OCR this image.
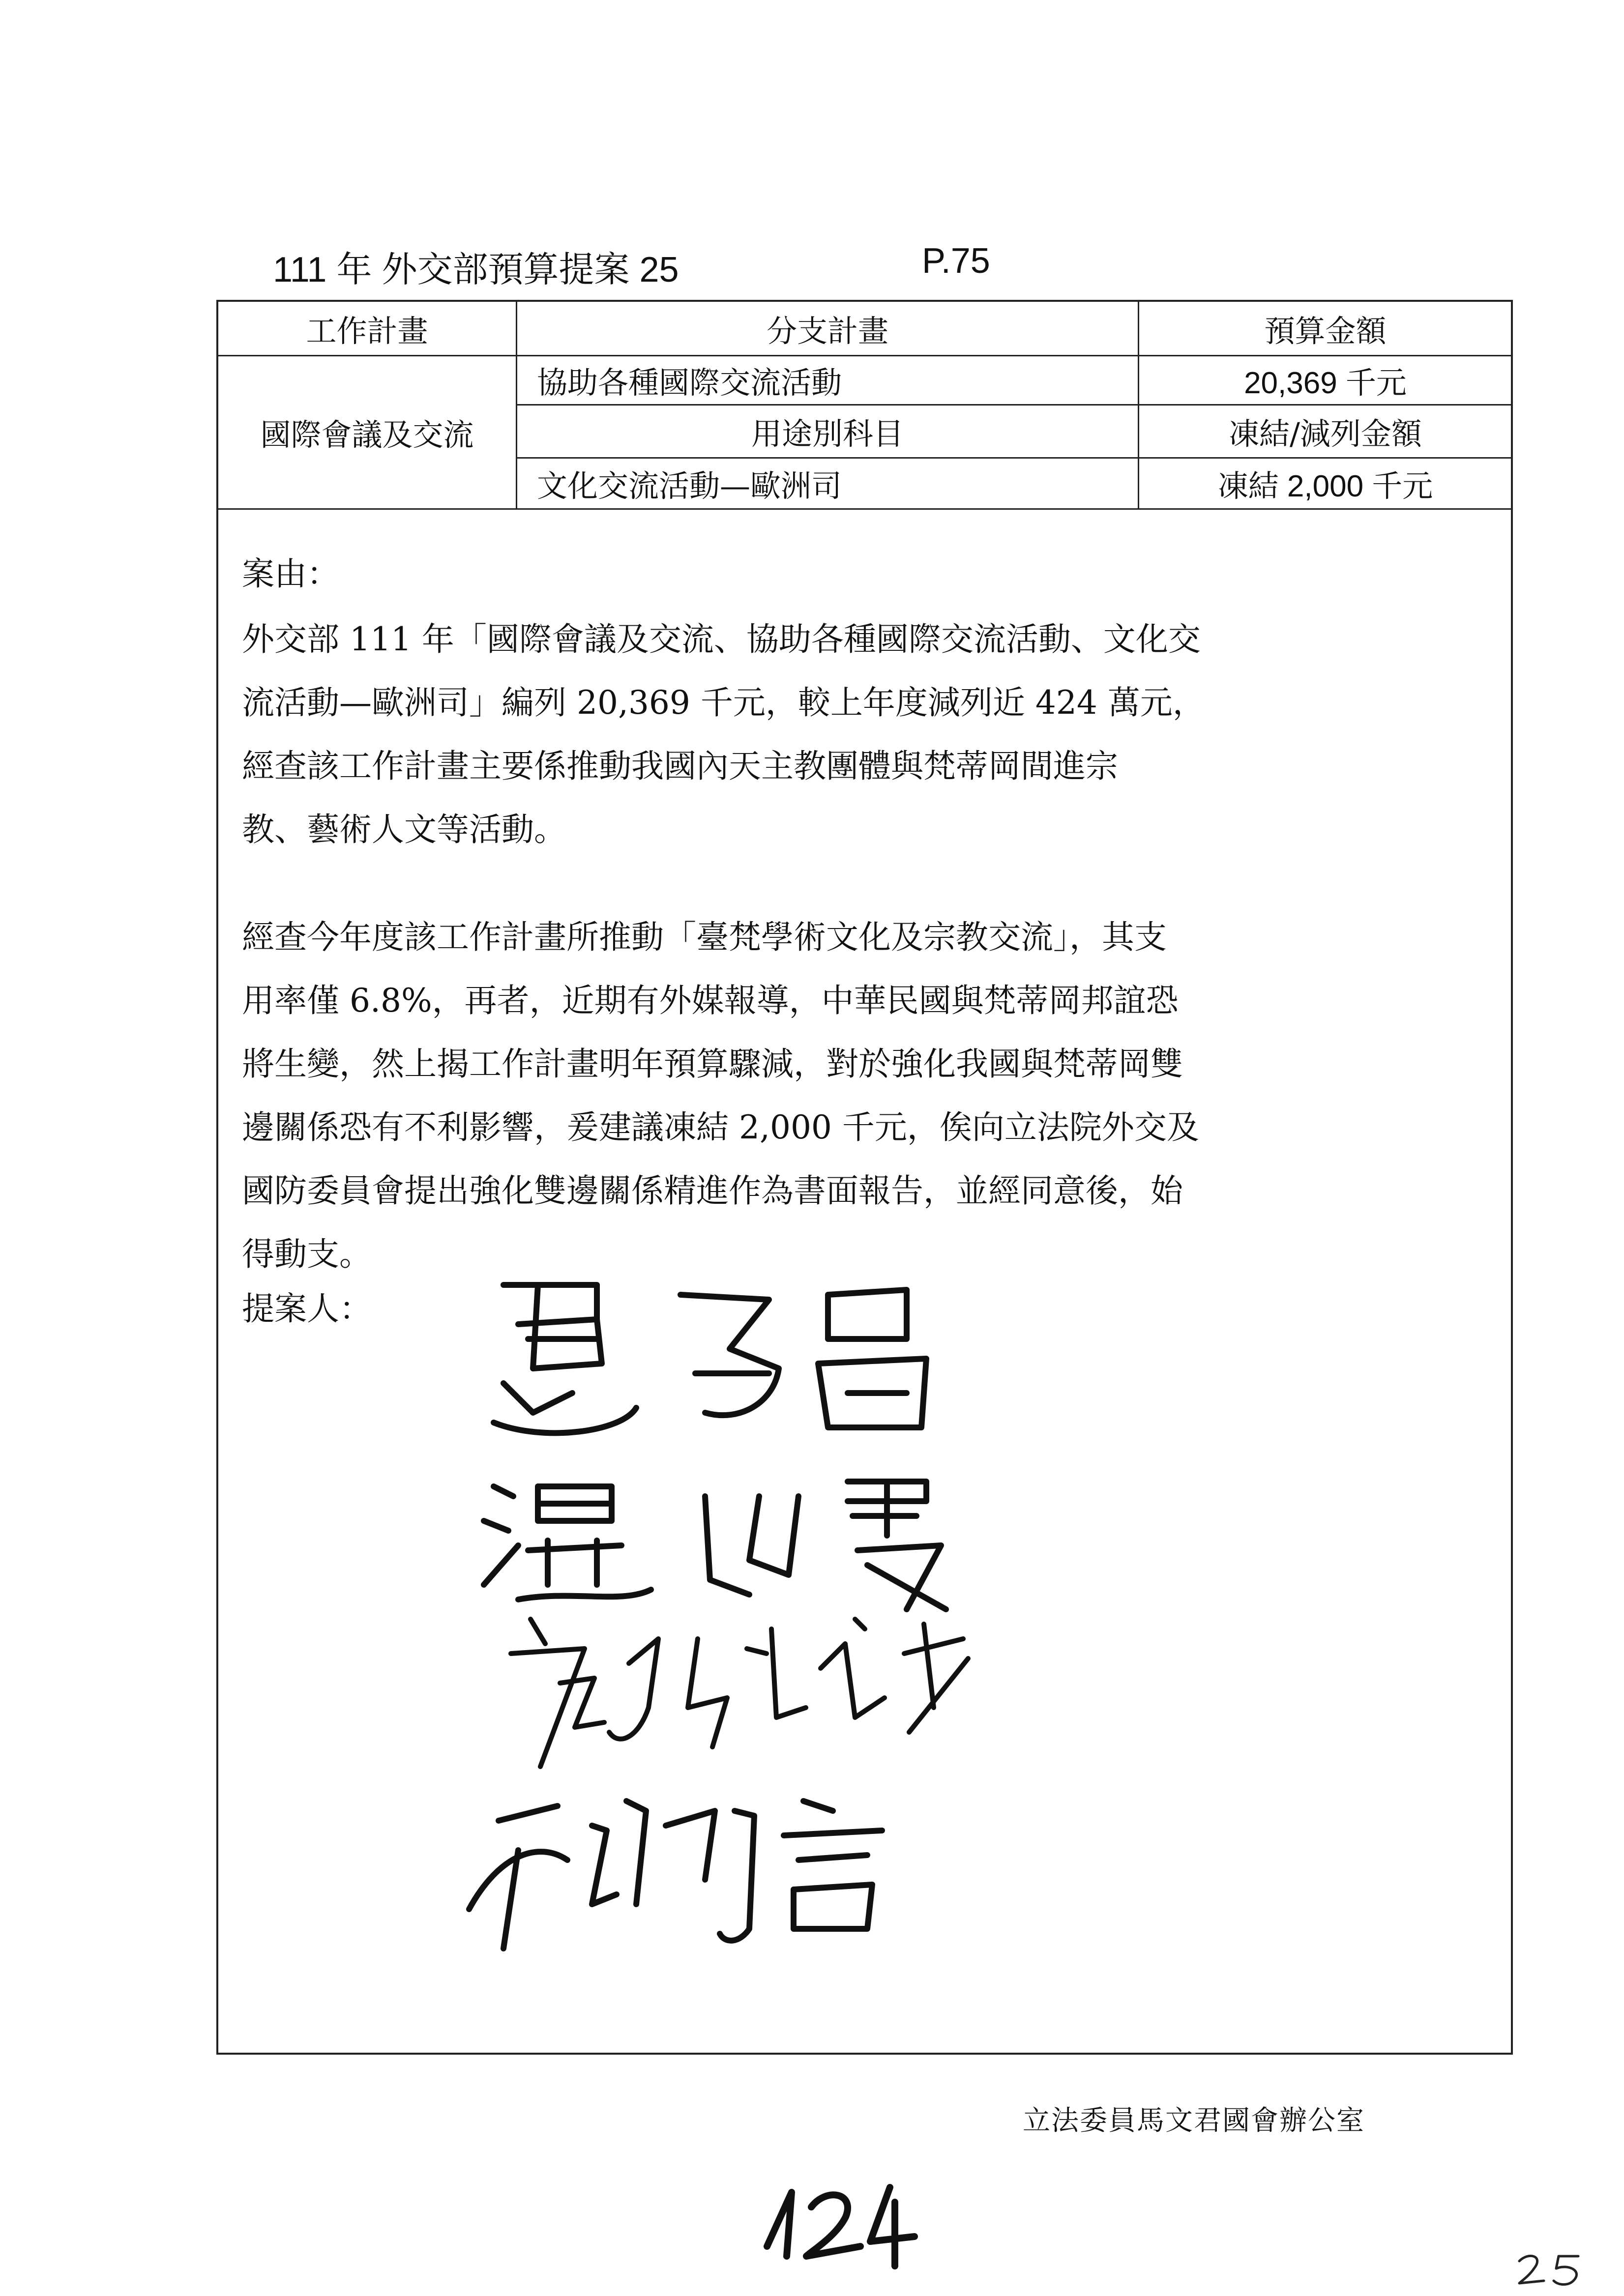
111 年 外交部預算提案 25	P.75
工作計畫	分支計畫	預算金額
國際會議及交流
協助各種國際交流活動	20,369 千元
用途別科目	凍結/減列金額
文化交流活動—歐洲司	凍結 2,000 千元
案由：

外交部 111 年「國際會議及交流、協助各種國際交流活動、文化交

流活動—歐洲司」編列 20,369 千元，較上年度減列近 424 萬元，

經查該工作計畫主要係推動我國內天主教團體與梵蒂岡間進宗

教、藝術人文等活動。

經查今年度該工作計畫所推動「臺梵學術文化及宗教交流」，其支

用率僅 6.8%，再者，近期有外媒報導，中華民國與梵蒂岡邦誼恐

將生變，然上揭工作計畫明年預算驟減，對於強化我國與梵蒂岡雙

邊關係恐有不利影響，爰建議凍結 2,000 千元，俟向立法院外交及

國防委員會提出強化雙邊關係精進作為書面報告，並經同意後，始

得動支。

提案人：
立法委員馬文君國會辦公室
